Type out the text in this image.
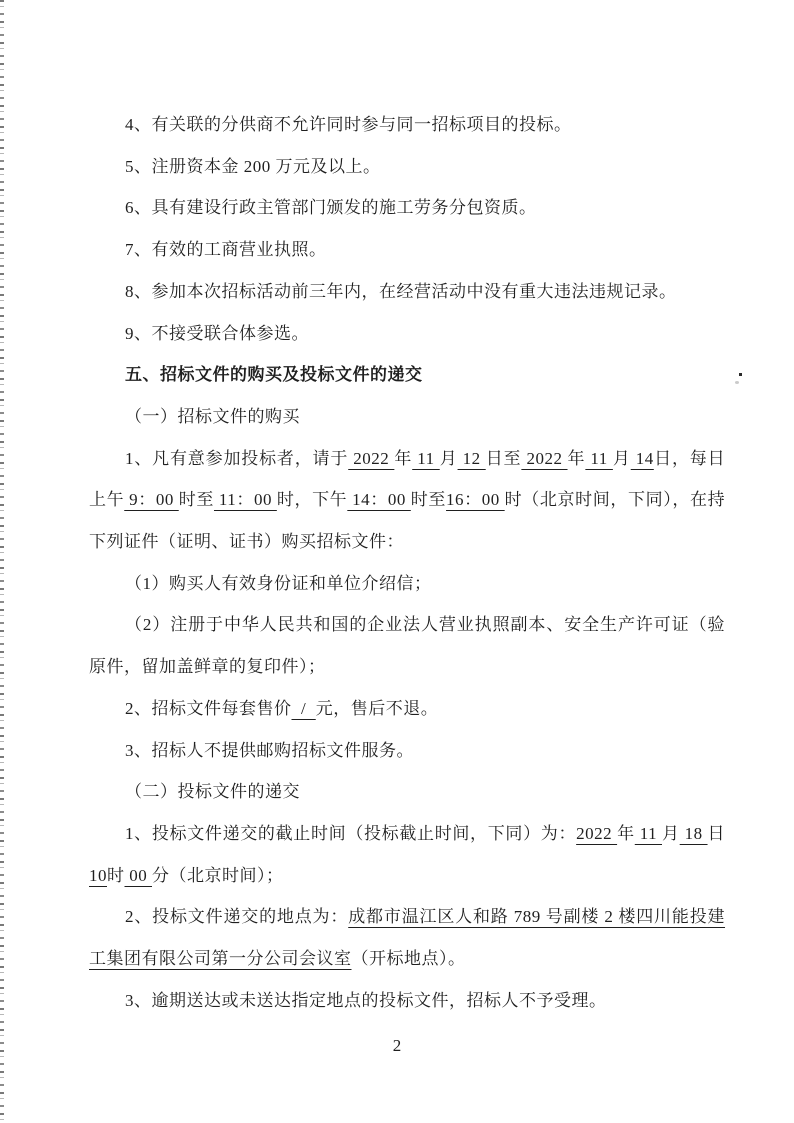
4、有关联的分供商不允许同时参与同一招标项目的投标。
5、注册资本金 200 万元及以上。
6、具有建设行政主管部门颁发的施工劳务分包资质。
7、有效的工商营业执照。
8、参加本次招标活动前三年内，在经营活动中没有重大违法违规记录。
9、不接受联合体参选。
五、招标文件的购买及投标文件的递交
（一）招标文件的购买
1、凡有意参加投标者，请于 2022 年 11 月 12 日至 2022 年 11 月 14日，每日上午 9：00 时至 11：00 时，下午 14：00 时至16：00 时（北京时间，下同），在持下列证件（证明、证书）购买招标文件：
（1）购买人有效身份证和单位介绍信；
（2）注册于中华人民共和国的企业法人营业执照副本、安全生产许可证（验原件，留加盖鲜章的复印件）；
2、招标文件每套售价  /  元，售后不退。
3、招标人不提供邮购招标文件服务。
（二）投标文件的递交
1、投标文件递交的截止时间（投标截止时间，下同）为：2022 年 11 月 18 日10时 00 分（北京时间）；
2、投标文件递交的地点为：成都市温江区人和路 789 号副楼 2 楼四川能投建工集团有限公司第一分公司会议室（开标地点）。
3、逾期送达或未送达指定地点的投标文件，招标人不予受理。
2
